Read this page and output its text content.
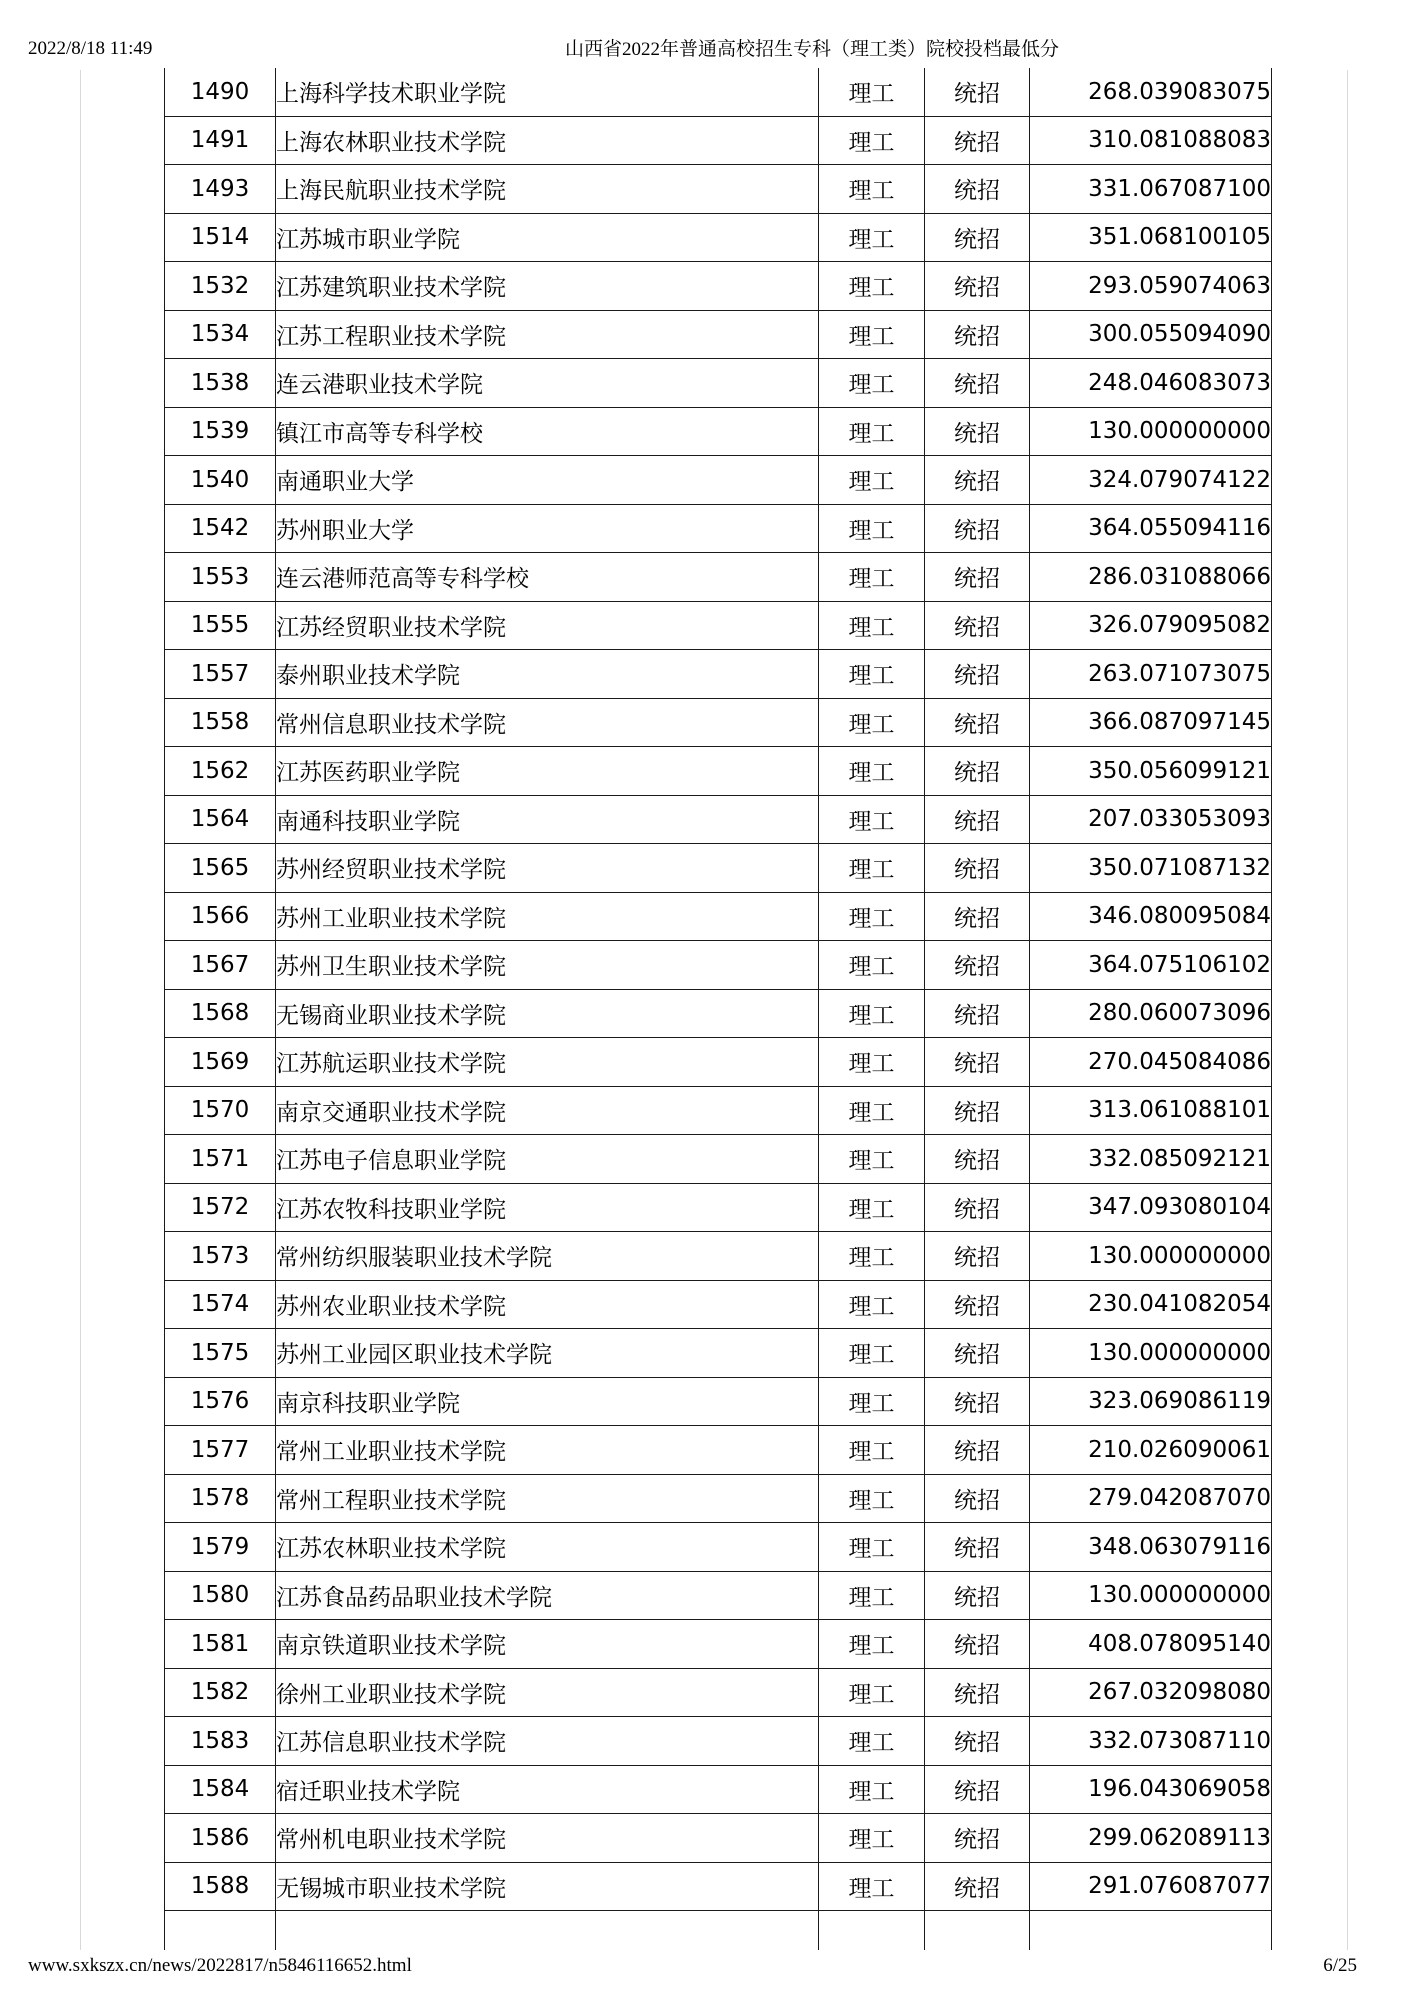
2022/8/18 11:49	山西省2022年普通高校招生专科（理工类）院校投档最低分
1490	上海科学技术职业学院	理工	统招	268.039083075
1491	上海农林职业技术学院	理工	统招	310.081088083
1493	上海民航职业技术学院	理工	统招	331.067087100
1514	江苏城市职业学院	理工	统招	351.068100105
1532	江苏建筑职业技术学院	理工	统招	293.059074063
1534	江苏工程职业技术学院	理工	统招	300.055094090
1538	连云港职业技术学院	理工	统招	248.046083073
1539	镇江市高等专科学校	理工	统招	130.000000000
1540	南通职业大学	理工	统招	324.079074122
1542	苏州职业大学	理工	统招	364.055094116
1553	连云港师范高等专科学校	理工	统招	286.031088066
1555	江苏经贸职业技术学院	理工	统招	326.079095082
1557	泰州职业技术学院	理工	统招	263.071073075
1558	常州信息职业技术学院	理工	统招	366.087097145
1562	江苏医药职业学院	理工	统招	350.056099121
1564	南通科技职业学院	理工	统招	207.033053093
1565	苏州经贸职业技术学院	理工	统招	350.071087132
1566	苏州工业职业技术学院	理工	统招	346.080095084
1567	苏州卫生职业技术学院	理工	统招	364.075106102
1568	无锡商业职业技术学院	理工	统招	280.060073096
1569	江苏航运职业技术学院	理工	统招	270.045084086
1570	南京交通职业技术学院	理工	统招	313.061088101
1571	江苏电子信息职业学院	理工	统招	332.085092121
1572	江苏农牧科技职业学院	理工	统招	347.093080104
1573	常州纺织服装职业技术学院	理工	统招	130.000000000
1574	苏州农业职业技术学院	理工	统招	230.041082054
1575	苏州工业园区职业技术学院	理工	统招	130.000000000
1576	南京科技职业学院	理工	统招	323.069086119
1577	常州工业职业技术学院	理工	统招	210.026090061
1578	常州工程职业技术学院	理工	统招	279.042087070
1579	江苏农林职业技术学院	理工	统招	348.063079116
1580	江苏食品药品职业技术学院	理工	统招	130.000000000
1581	南京铁道职业技术学院	理工	统招	408.078095140
1582	徐州工业职业技术学院	理工	统招	267.032098080
1583	江苏信息职业技术学院	理工	统招	332.073087110
1584	宿迁职业技术学院	理工	统招	196.043069058
1586	常州机电职业技术学院	理工	统招	299.062089113
1588	无锡城市职业技术学院	理工	统招	291.076087077

www.sxkszx.cn/news/2022817/n5846116652.html	6/25
